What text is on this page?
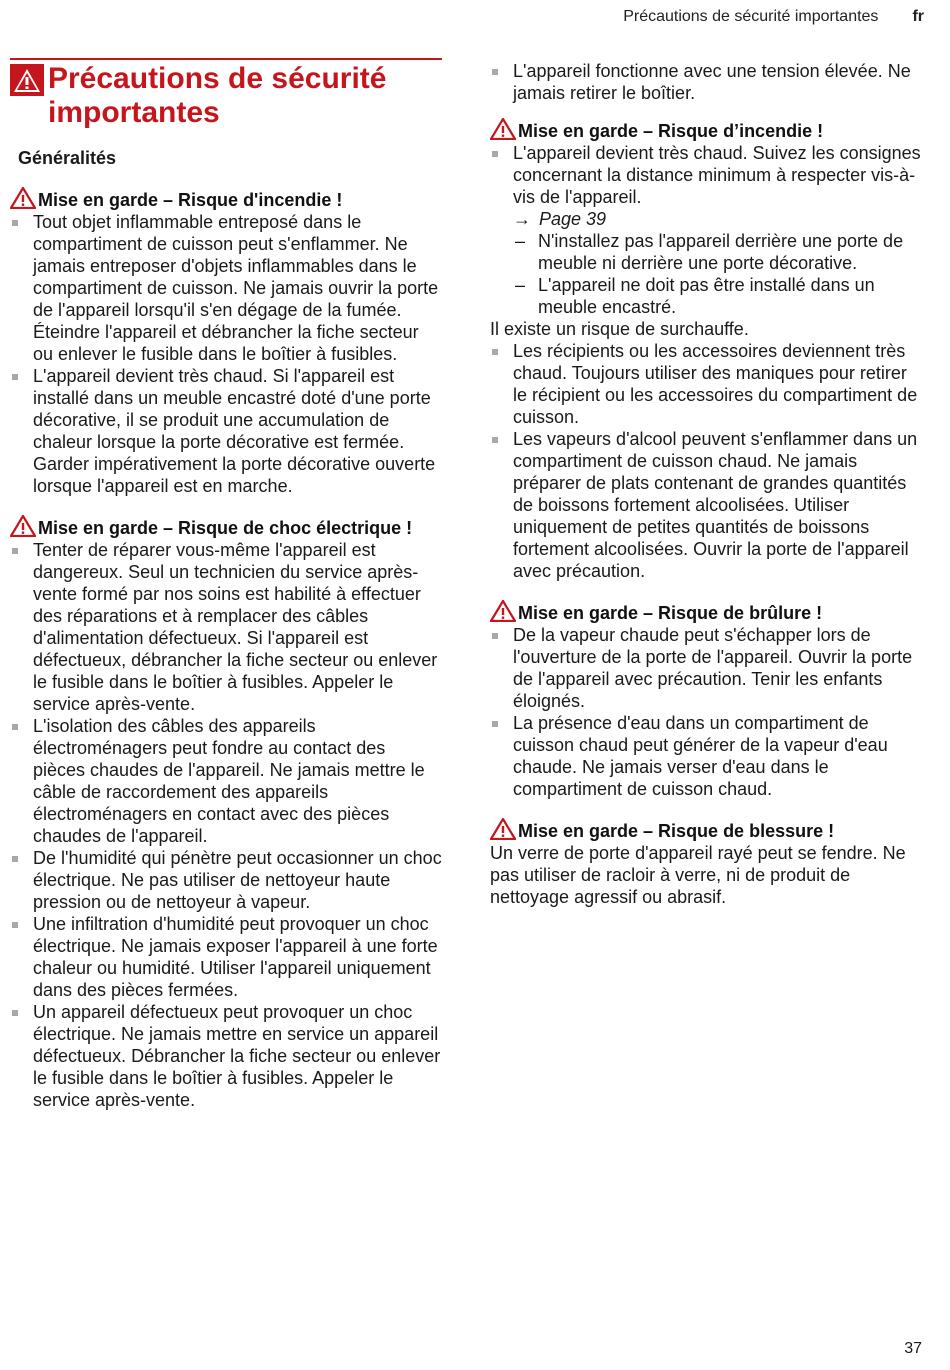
Précautions de sécurité importantes fr
Précautions de sécurité importantes
Généralités

Mise en garde – Risque d'incendie !

Tout objet inflammable entreposé dans le compartiment de cuisson peut s'enflammer. Ne jamais entreposer d'objets inflammables dans le compartiment de cuisson. Ne jamais ouvrir la porte de l'appareil lorsqu'il s'en dégage de la fumée. Éteindre l'appareil et débrancher la fiche secteur ou enlever le fusible dans le boîtier à fusibles.
L'appareil devient très chaud. Si l'appareil est installé dans un meuble encastré doté d'une porte décorative, il se produit une accumulation de chaleur lorsque la porte décorative est fermée. Garder impérativement la porte décorative ouverte lorsque l'appareil est en marche.

Mise en garde – Risque de choc électrique !

Tenter de réparer vous-même l'appareil est dangereux. Seul un technicien du service après-vente formé par nos soins est habilité à effectuer des réparations et à remplacer des câbles d'alimentation défectueux. Si l'appareil est défectueux, débrancher la fiche secteur ou enlever le fusible dans le boîtier à fusibles. Appeler le service après-vente.
L'isolation des câbles des appareils électroménagers peut fondre au contact des pièces chaudes de l'appareil. Ne jamais mettre le câble de raccordement des appareils électroménagers en contact avec des pièces chaudes de l'appareil.
De l'humidité qui pénètre peut occasionner un choc électrique. Ne pas utiliser de nettoyeur haute pression ou de nettoyeur à vapeur.
Une infiltration d'humidité peut provoquer un choc électrique. Ne jamais exposer l'appareil à une forte chaleur ou humidité. Utiliser l'appareil uniquement dans des pièces fermées.
Un appareil défectueux peut provoquer un choc électrique. Ne jamais mettre en service un appareil défectueux. Débrancher la fiche secteur ou enlever le fusible dans le boîtier à fusibles. Appeler le service après-vente.
L'appareil fonctionne avec une tension élevée. Ne jamais retirer le boîtier.

Mise en garde – Risque d’incendie !

L'appareil devient très chaud. Suivez les consignes concernant la distance minimum à respecter vis-à-vis de l'appareil.
→ Page 39
– N'installez pas l'appareil derrière une porte de meuble ni derrière une porte décorative.
– L'appareil ne doit pas être installé dans un meuble encastré.

Il existe un risque de surchauffe.

Les récipients ou les accessoires deviennent très chaud. Toujours utiliser des maniques pour retirer le récipient ou les accessoires du compartiment de cuisson.
Les vapeurs d'alcool peuvent s'enflammer dans un compartiment de cuisson chaud. Ne jamais préparer de plats contenant de grandes quantités de boissons fortement alcoolisées. Utiliser uniquement de petites quantités de boissons fortement alcoolisées. Ouvrir la porte de l'appareil avec précaution.

Mise en garde – Risque de brûlure !

De la vapeur chaude peut s'échapper lors de l'ouverture de la porte de l'appareil. Ouvrir la porte de l'appareil avec précaution. Tenir les enfants éloignés.
La présence d'eau dans un compartiment de cuisson chaud peut générer de la vapeur d'eau chaude. Ne jamais verser d'eau dans le compartiment de cuisson chaud.

Mise en garde – Risque de blessure !

Un verre de porte d'appareil rayé peut se fendre. Ne pas utiliser de racloir à verre, ni de produit de nettoyage agressif ou abrasif.

37
